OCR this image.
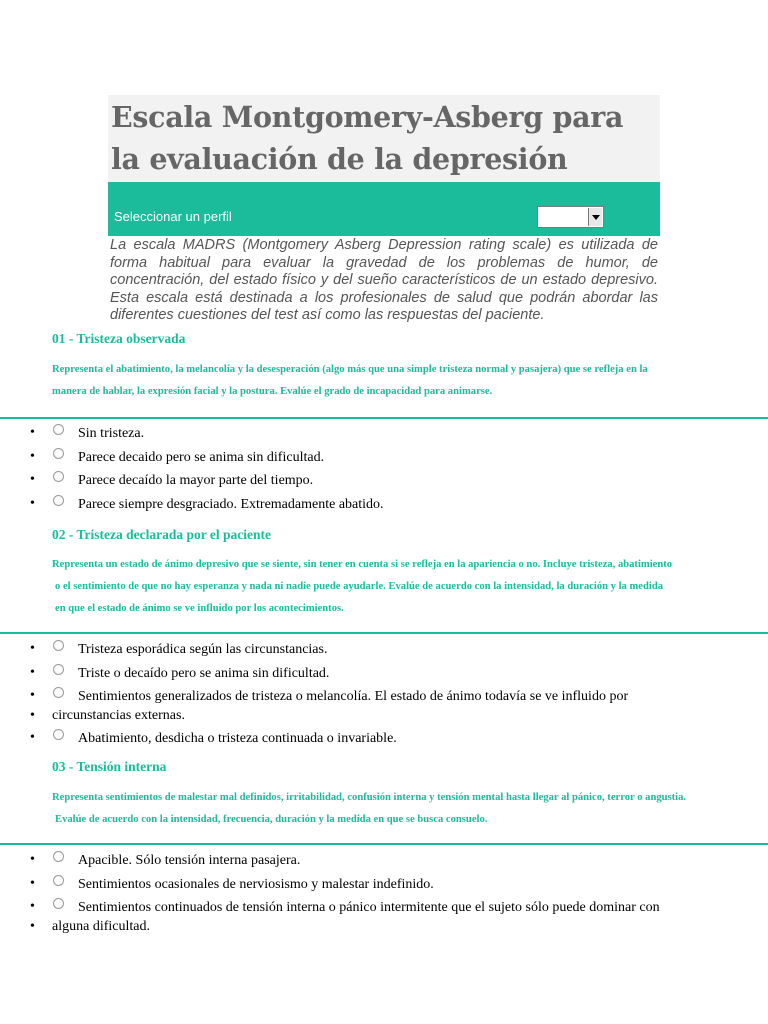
Escala Montgomery-Asberg para
la evaluación de la depresión
Seleccionar un perfil

La escala MADRS (Montgomery Asberg Depression rating scale) es utilizada de forma habitual para evaluar la gravedad de los problemas de humor, de concentración, del estado físico y del sueño característicos de un estado depresivo. Esta escala está destinada a los profesionales de salud que podrán abordar las diferentes cuestiones del test así como las respuestas del paciente.

01 - Tristeza observada

Representa el abatimiento, la melancolía y la desesperación (algo más que una simple tristeza normal y pasajera) que se refleja en la
manera de hablar, la expresión facial y la postura. Evalúe el grado de incapacidad para animarse.

•	Sin tristeza.
•	Parece decaido pero se anima sin dificultad.
•	Parece decaído la mayor parte del tiempo.
•	Parece siempre desgraciado. Extremadamente abatido.
02 - Tristeza declarada por el paciente

Representa un estado de ánimo depresivo que se siente, sin tener en cuenta si se refleja en la apariencia o no. Incluye tristeza, abatimiento
o el sentimiento de que no hay esperanza y nada ni nadie puede ayudarle. Evalúe de acuerdo con la intensidad, la duración y la medida
en que el estado de ánimo se ve influido por los acontecimientos.

•	Tristeza esporádica según las circunstancias.
•	Triste o decaído pero se anima sin dificultad.
•	Sentimientos generalizados de tristeza o melancolía. El estado de ánimo todavía se ve influido por
• circunstancias externas.
•	Abatimiento, desdicha o tristeza continuada o invariable.
03 - Tensión interna

Representa sentimientos de malestar mal definidos, irritabilidad, confusión interna y tensión mental hasta llegar al pánico, terror o angustia.
Evalúe de acuerdo con la intensidad, frecuencia, duración y la medida en que se busca consuelo.

•	Apacible. Sólo tensión interna pasajera.
•	Sentimientos ocasionales de nerviosismo y malestar indefinido.
•	Sentimientos continuados de tensión interna o pánico intermitente que el sujeto sólo puede dominar con
• alguna dificultad.
